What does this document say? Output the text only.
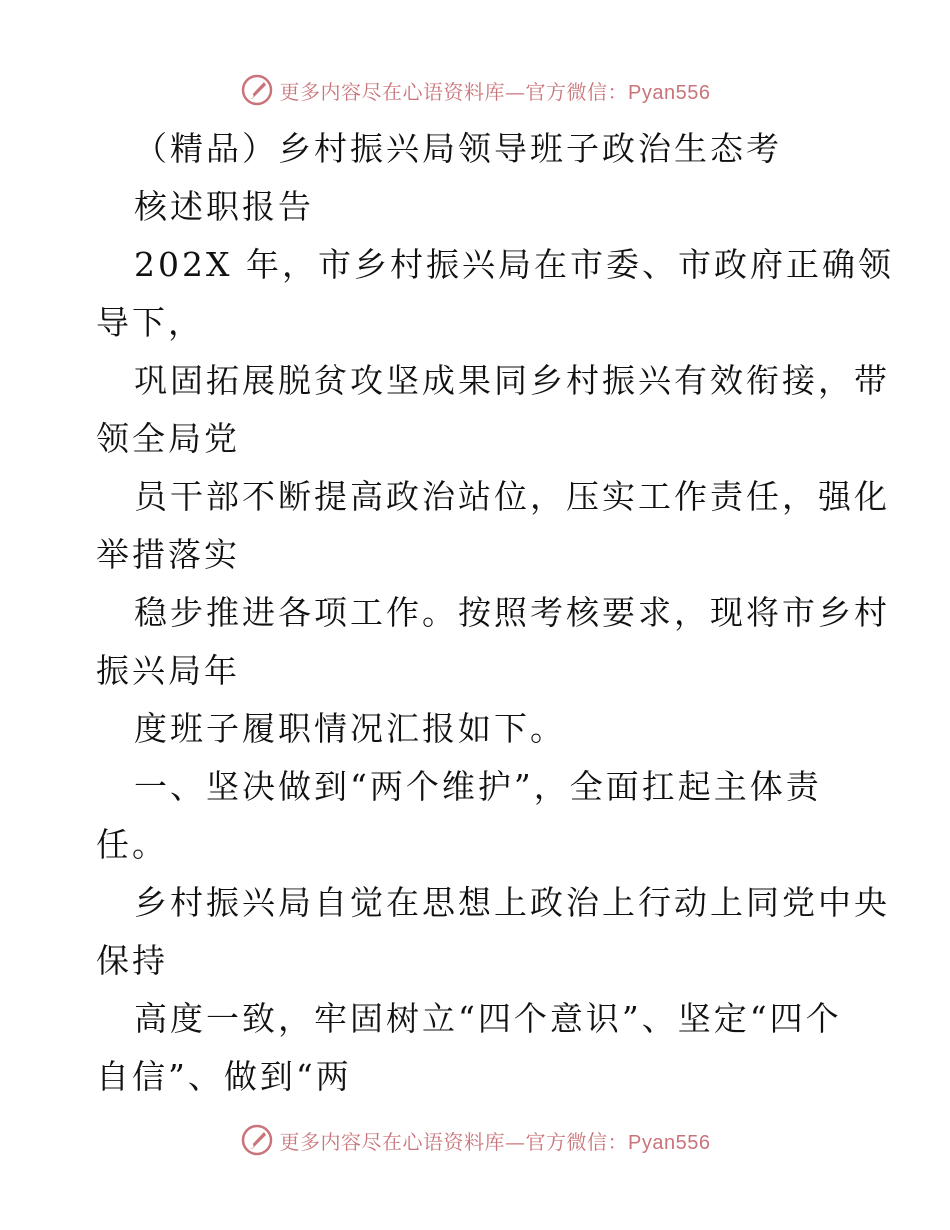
更多内容尽在心语资料库—官方微信：Pyan556
（精品）乡村振兴局领导班子政治生态考
核述职报告
202X 年，市乡村振兴局在市委、市政府正确领
导下，
巩固拓展脱贫攻坚成果同乡村振兴有效衔接，带
领全局党
员干部不断提高政治站位，压实工作责任，强化
举措落实
稳步推进各项工作。按照考核要求，现将市乡村
振兴局年
度班子履职情况汇报如下。
一、坚决做到“两个维护”，全面扛起主体责
任。
乡村振兴局自觉在思想上政治上行动上同党中央
保持
高度一致，牢固树立“四个意识”、坚定“四个
自信”、做到“两
更多内容尽在心语资料库—官方微信：Pyan556
